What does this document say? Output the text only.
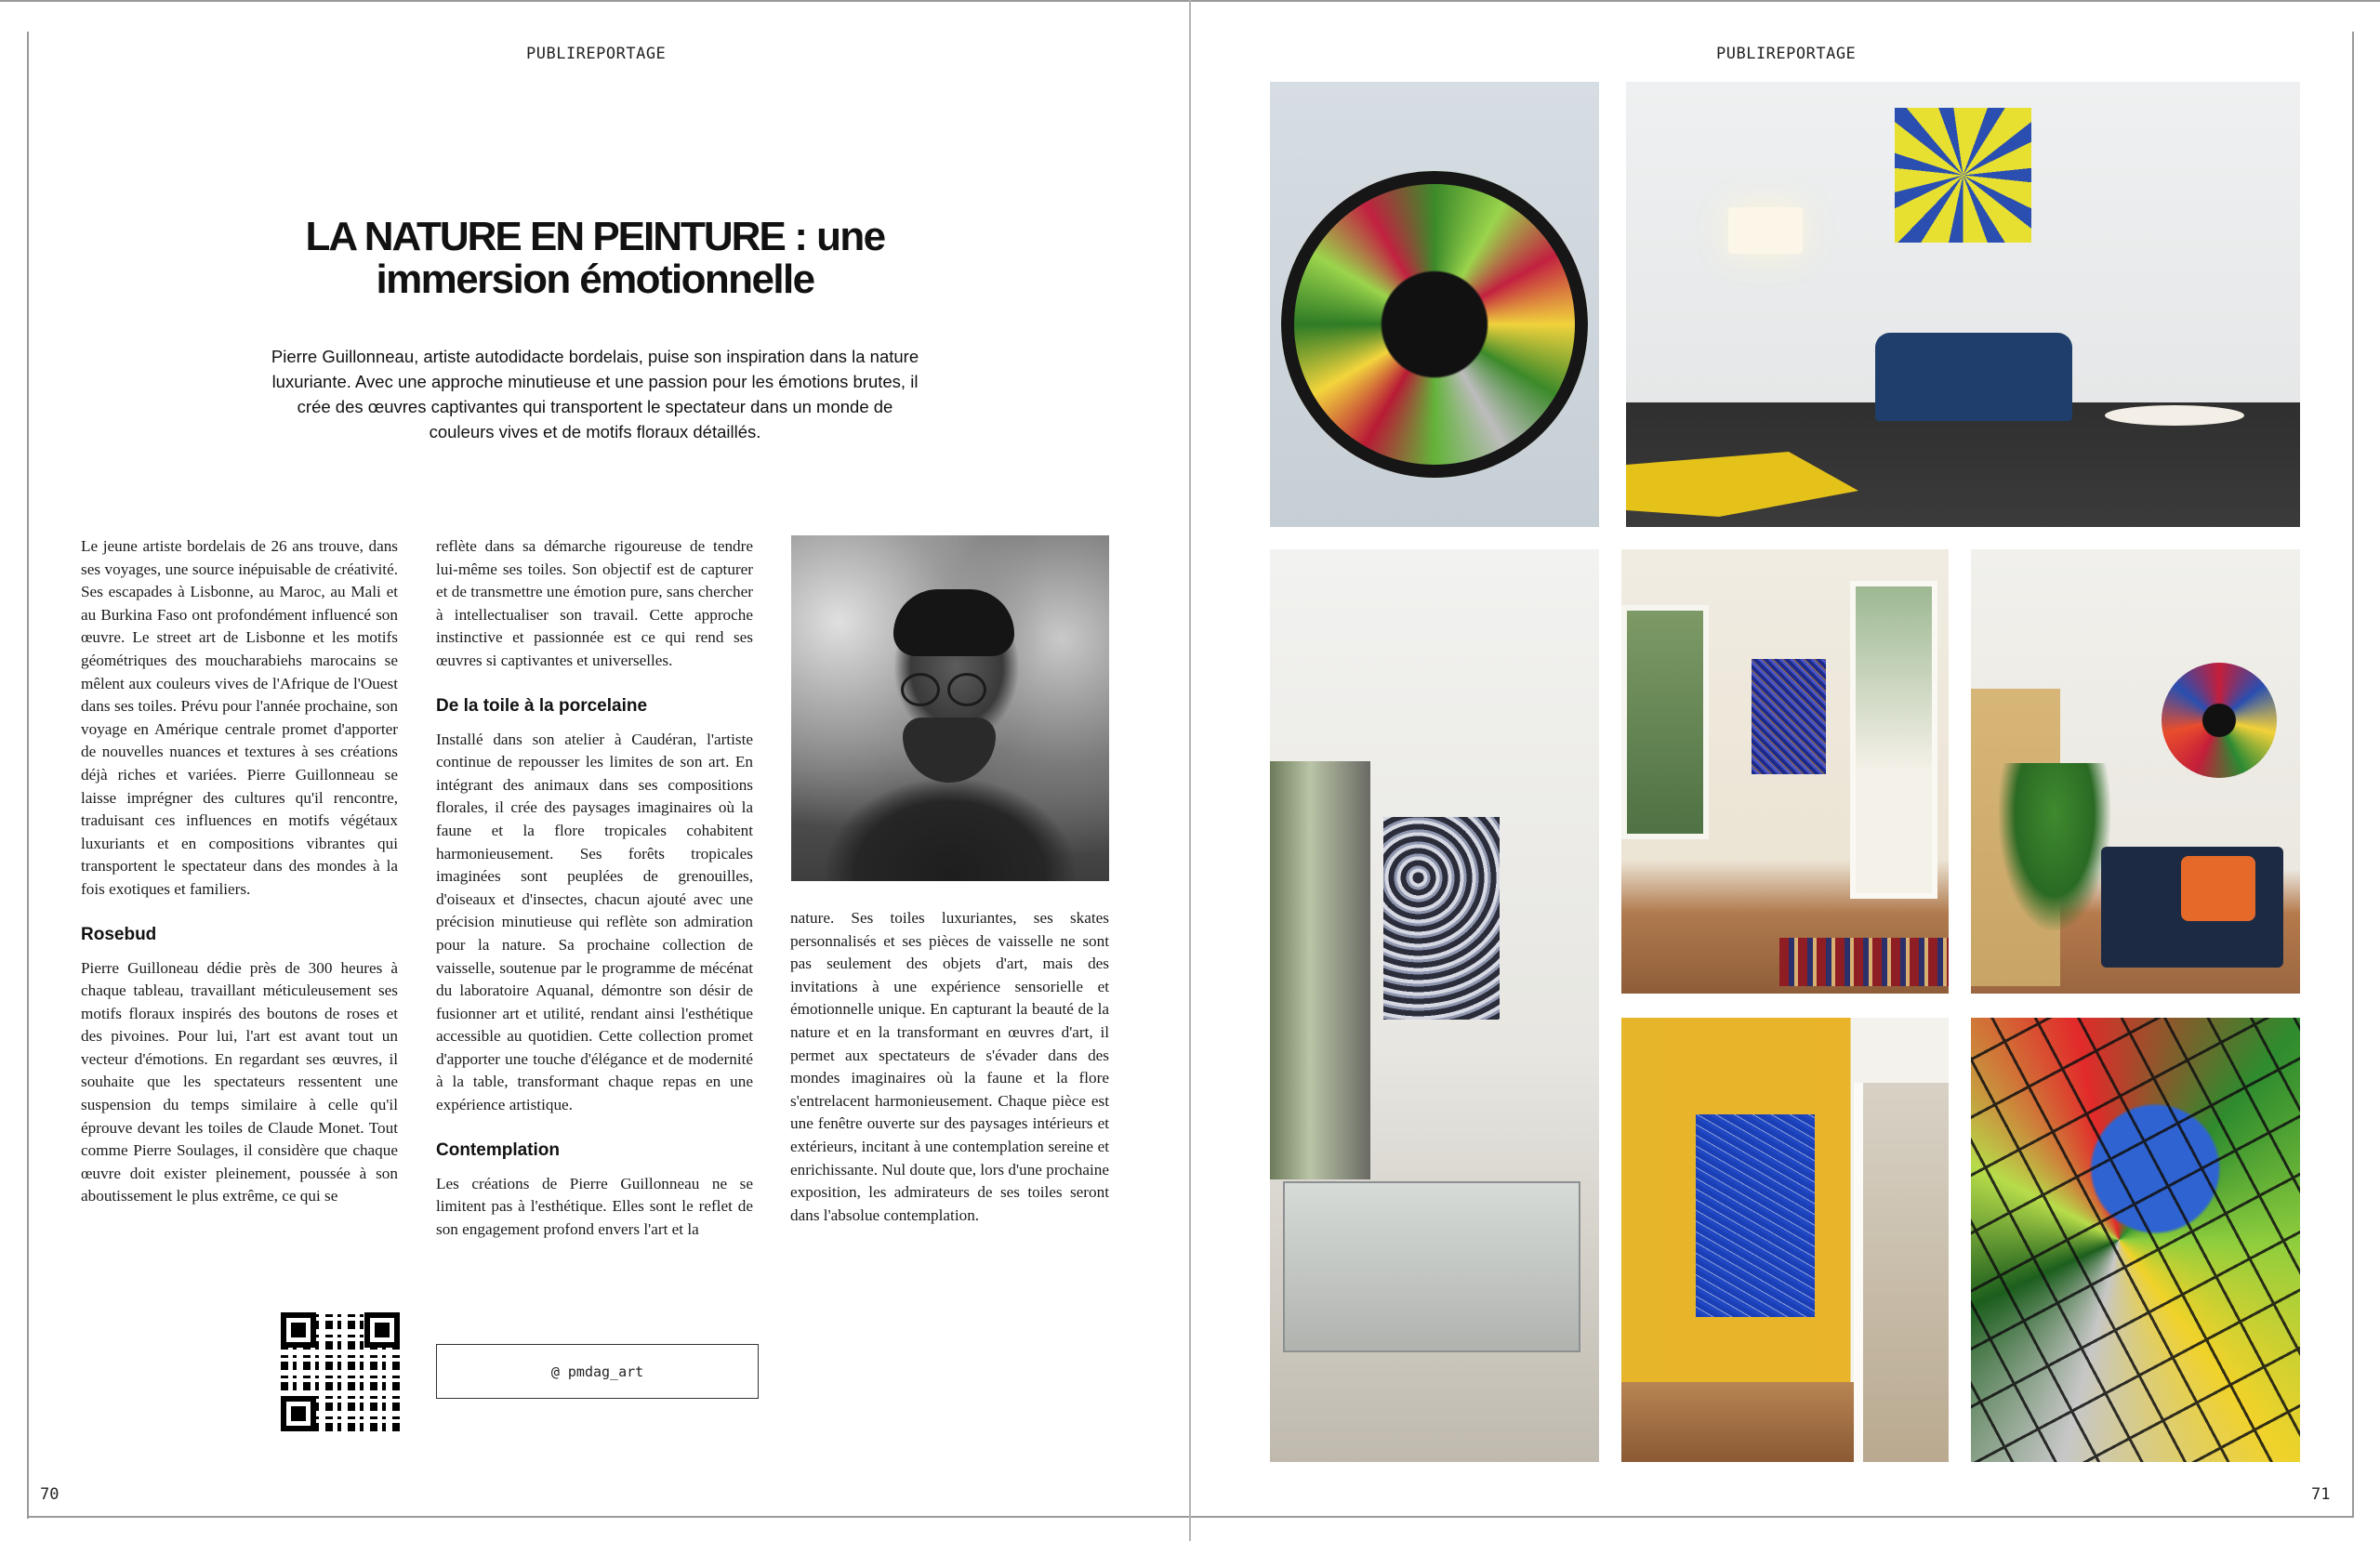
PUBLIREPORTAGE
LA NATURE EN PEINTURE : une
immersion émotionnelle

Pierre Guillonneau, artiste autodidacte bordelais, puise son inspiration dans la nature luxuriante. Avec une approche minutieuse et une passion pour les émotions brutes, il crée des œuvres captivantes qui transportent le spectateur dans un monde de couleurs vives et de motifs floraux détaillés.

Le jeune artiste bordelais de 26 ans trouve, dans ses voyages, une source inépuisable de créativité. Ses escapades à Lisbonne, au Maroc, au Mali et au Burkina Faso ont profondément influencé son œuvre. Le street art de Lisbonne et les motifs géométriques des moucharabiehs marocains se mêlent aux couleurs vives de l'Afrique de l'Ouest dans ses toiles. Prévu pour l'année prochaine, son voyage en Amérique centrale promet d'apporter de nouvelles nuances et textures à ses créations déjà riches et variées. Pierre Guillonneau se laisse imprégner des cultures qu'il rencontre, traduisant ces influences en motifs végétaux luxuriants et en compositions vibrantes qui transportent le spectateur dans des mondes à la fois exotiques et familiers.

Rosebud

Pierre Guilloneau dédie près de 300 heures à chaque tableau, travaillant méticuleusement ses motifs floraux inspirés des boutons de roses et des pivoines. Pour lui, l'art est avant tout un vecteur d'émotions. En regardant ses œuvres, il souhaite que les spectateurs ressentent une suspension du temps similaire à celle qu'il éprouve devant les toiles de Claude Monet. Tout comme Pierre Soulages, il considère que chaque œuvre doit exister pleinement, poussée à son aboutissement le plus extrême, ce qui se

reflète dans sa démarche rigoureuse de tendre lui-même ses toiles. Son objectif est de capturer et de transmettre une émotion pure, sans chercher à intellectualiser son travail. Cette approche instinctive et passionnée est ce qui rend ses œuvres si captivantes et universelles.

De la toile à la porcelaine

Installé dans son atelier à Caudéran, l'artiste continue de repousser les limites de son art. En intégrant des animaux dans ses compositions florales, il crée des paysages imaginaires où la faune et la flore tropicales cohabitent harmonieusement. Ses forêts tropicales imaginées sont peuplées de grenouilles, d'oiseaux et d'insectes, chacun ajouté avec une précision minutieuse qui reflète son admiration pour la nature. Sa prochaine collection de vaisselle, soutenue par le programme de mécénat du laboratoire Aquanal, démontre son désir de fusionner art et utilité, rendant ainsi l'esthétique accessible au quotidien. Cette collection promet d'apporter une touche d'élégance et de modernité à la table, transformant chaque repas en une expérience artistique.

Contemplation

Les créations de Pierre Guillonneau ne se limitent pas à l'esthétique. Elles sont le reflet de son engagement profond envers l'art et la

nature. Ses toiles luxuriantes, ses skates personnalisés et ses pièces de vaisselle ne sont pas seulement des objets d'art, mais des invitations à une expérience sensorielle et émotionnelle unique. En capturant la beauté de la nature et en la transformant en œuvres d'art, il permet aux spectateurs de s'évader dans des mondes imaginaires où la faune et la flore s'entrelacent harmonieusement. Chaque pièce est une fenêtre ouverte sur des paysages intérieurs et extérieurs, incitant à une contemplation sereine et enrichissante. Nul doute que, lors d'une prochaine exposition, les admirateurs de ses toiles seront dans l'absolue contemplation.

@ pmdag_art
70
PUBLIREPORTAGE
71
